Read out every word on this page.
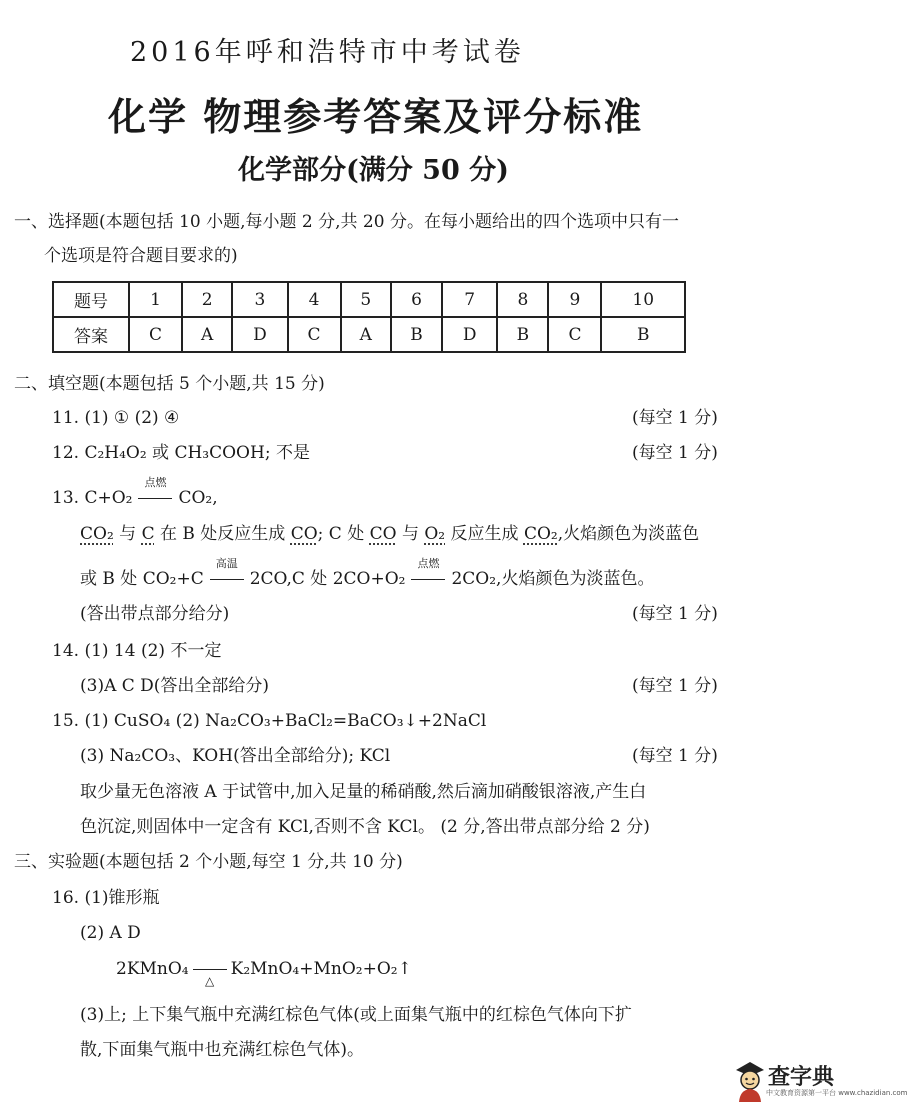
2016年呼和浩特市中考试卷
化学 物理参考答案及评分标准
化学部分(满分 50 分)
一、选择题(本题包括 10 小题,每小题 2 分,共 20 分。在每小题给出的四个选项中只有一
个选项是符合题目要求的)
题号	1	2	3	4	5	6	7	8	9	10
答案	C	A	D	C	A	B	D	B	C	B
二、填空题(本题包括 5 个小题,共 15 分)
11. (1) ① (2) ④	(每空 1 分)
12. C₂H₄O₂ 或 CH₃COOH; 不是	(每空 1 分)
13. C+O₂
点燃
CO₂,
CO₂ 与 C 在 B 处反应生成 CO; C 处 CO 与 O₂ 反应生成 CO₂,火焰颜色为淡蓝色
或 B 处 CO₂+C
高温
2CO,C 处 2CO+O₂
点燃
2CO₂,火焰颜色为淡蓝色。
(答出带点部分给分)	(每空 1 分)
14. (1) 14 (2) 不一定
(3)A C D(答出全部给分)	(每空 1 分)
15. (1) CuSO₄ (2) Na₂CO₃+BaCl₂=BaCO₃↓+2NaCl
(3) Na₂CO₃、KOH(答出全部给分); KCl	(每空 1 分)
取少量无色溶液 A 于试管中,加入足量的稀硝酸,然后滴加硝酸银溶液,产生白
色沉淀,则固体中一定含有 KCl,否则不含 KCl。 (2 分,答出带点部分给 2 分)
三、实验题(本题包括 2 个小题,每空 1 分,共 10 分)
16. (1)锥形瓶
(2) A D
2KMnO₄
△
K₂MnO₄+MnO₂+O₂↑
(3)上; 上下集气瓶中充满红棕色气体(或上面集气瓶中的红棕色气体向下扩
散,下面集气瓶中也充满红棕色气体)。
查字典
中文教育资源第一平台 www.chazidian.com
